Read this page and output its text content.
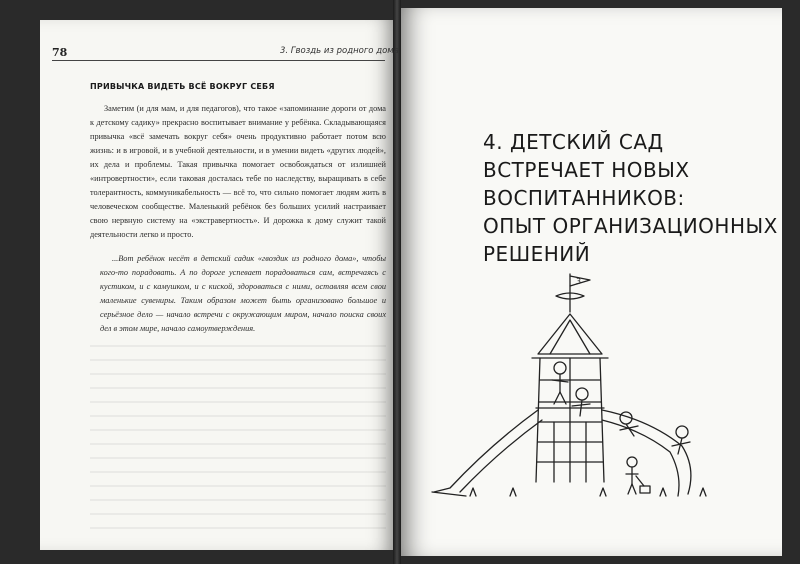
78	3. Гвоздь из родного дома
ПРИВЫЧКА ВИДЕТЬ ВСЁ ВОКРУГ СЕБЯ

Заметим (и для мам, и для педагогов), что такое «запоминание дороги от дома к детскому садику» прекрасно воспитывает внимание у ребёнка. Складывающаяся привычка «всё замечать вокруг себя» очень продуктивно работает потом всю жизнь: и в игровой, и в учебной деятельности, и в умении видеть «других людей», их дела и проблемы. Такая привычка помогает освобождаться от излишней «интровертности», если таковая досталась тебе по наследству, выращивать в себе толерантность, коммуникабельность — всё то, что сильно помогает людям жить в человеческом сообществе. Маленький ребёнок без больших усилий настраивает свою нервную систему на «экстравертность». И дорожка к дому служит такой деятельности легко и просто.

...Вот ребёнок несёт в детский садик «гвоздик из родного дома», чтобы кого-то порадовать. А по дороге успевает порадоваться сам, встречаясь с кустиком, и с камушком, и с киской, здороваться с ними, оставляя всем свои маленькие сувениры. Таким образом может быть организовано большое и серьёзное дело — начало встречи с окружающим миром, начало поиска своих дел в этом мире, начало самоутверждения.

4. ДЕТСКИЙ САД
ВСТРЕЧАЕТ НОВЫХ
ВОСПИТАННИКОВ:
ОПЫТ ОРГАНИЗАЦИОННЫХ
РЕШЕНИЙ
3
